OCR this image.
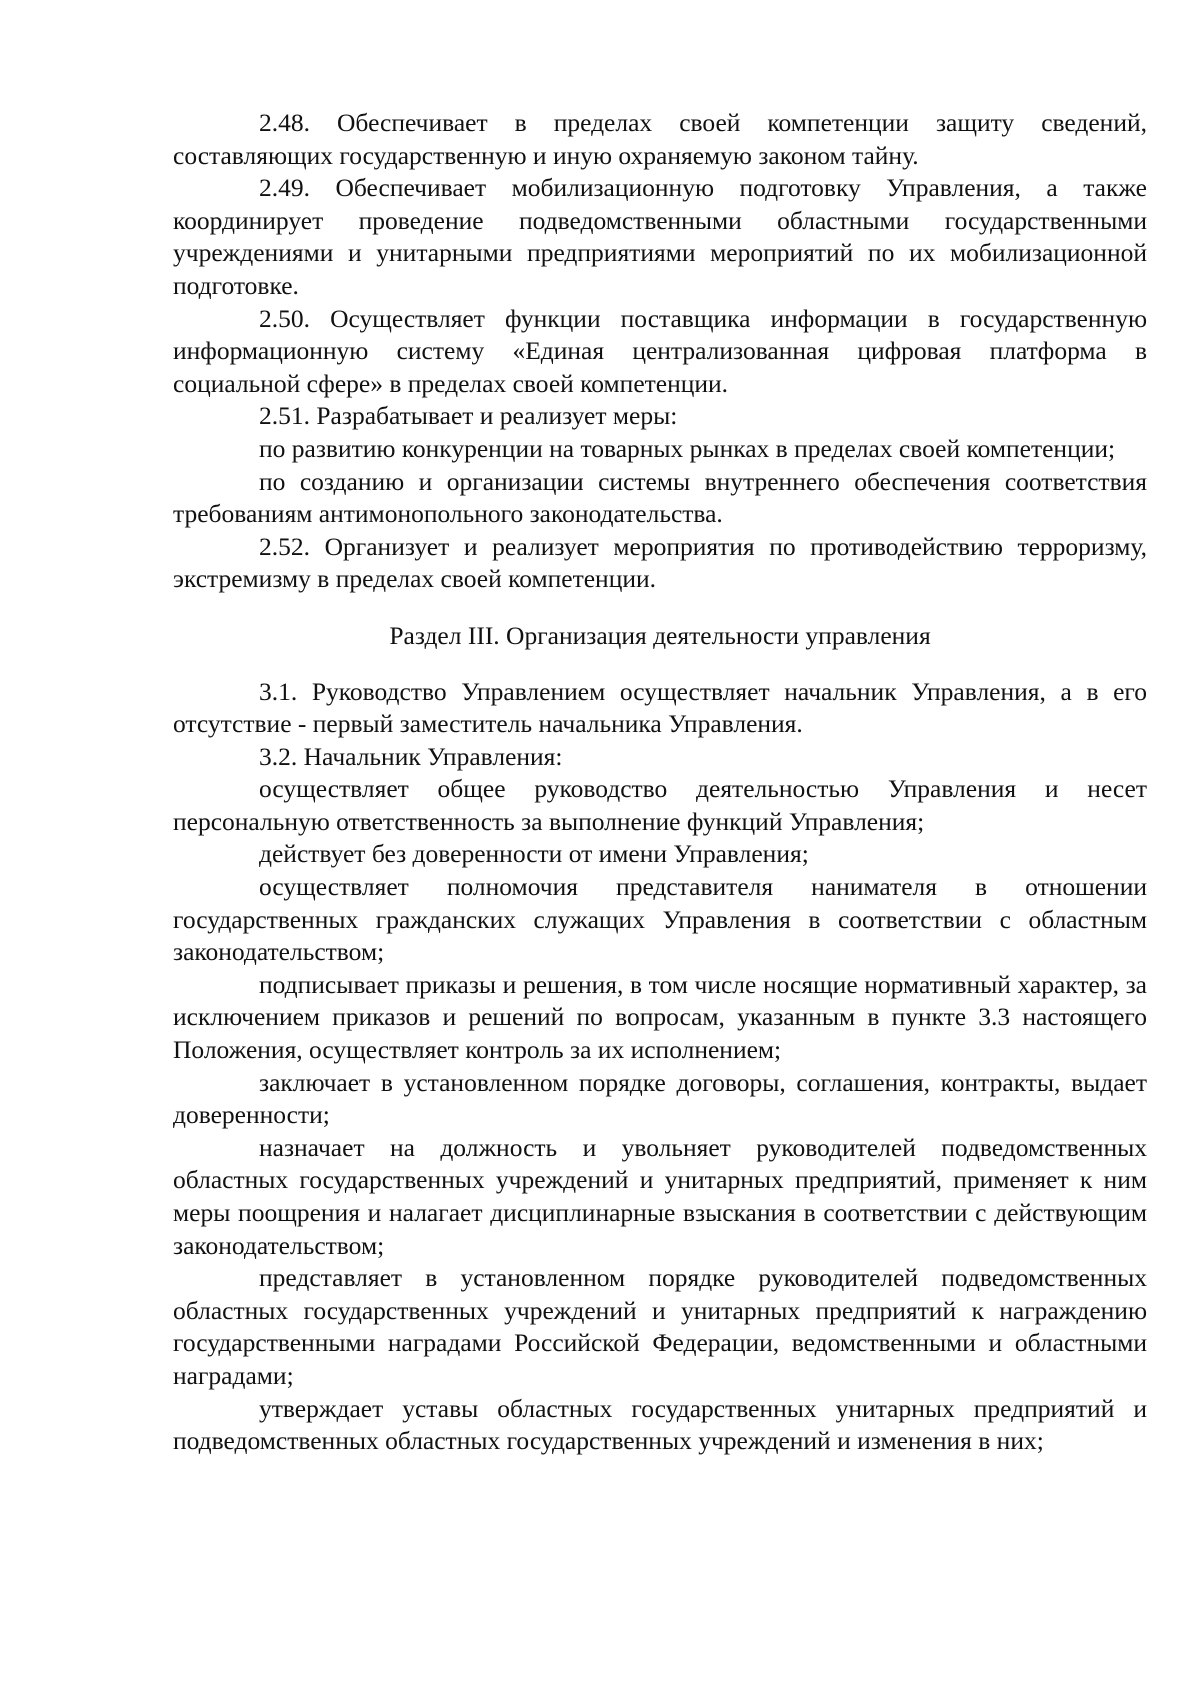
2.48. Обеспечивает в пределах своей компетенции защиту сведений, составляющих государственную и иную охраняемую законом тайну.

2.49. Обеспечивает мобилизационную подготовку Управления, а также координирует проведение подведомственными областными государственными учреждениями и унитарными предприятиями мероприятий по их мобилизационной подготовке.

2.50. Осуществляет функции поставщика информации в государственную информационную систему «Единая централизованная цифровая платформа в социальной сфере» в пределах своей компетенции.

2.51. Разрабатывает и реализует меры:

по развитию конкуренции на товарных рынках в пределах своей компетенции;

по созданию и организации системы внутреннего обеспечения соответствия требованиям антимонопольного законодательства.

2.52. Организует и реализует мероприятия по противодействию терроризму, экстремизму в пределах своей компетенции.

Раздел III. Организация деятельности управления

3.1. Руководство Управлением осуществляет начальник Управления, а в его отсутствие - первый заместитель начальника Управления.

3.2. Начальник Управления:

осуществляет общее руководство деятельностью Управления и несет персональную ответственность за выполнение функций Управления;

действует без доверенности от имени Управления;

осуществляет полномочия представителя нанимателя в отношении государственных гражданских служащих Управления в соответствии с областным законодательством;

подписывает приказы и решения, в том числе носящие нормативный характер, за исключением приказов и решений по вопросам, указанным в пункте 3.3 настоящего Положения, осуществляет контроль за их исполнением;

заключает в установленном порядке договоры, соглашения, контракты, выдает доверенности;

назначает на должность и увольняет руководителей подведомственных областных государственных учреждений и унитарных предприятий, применяет к ним меры поощрения и налагает дисциплинарные взыскания в соответствии с действующим законодательством;

представляет в установленном порядке руководителей подведомственных областных государственных учреждений и унитарных предприятий к награждению государственными наградами Российской Федерации, ведомственными и областными наградами;

утверждает уставы областных государственных унитарных предприятий и подведомственных областных государственных учреждений и изменения в них;
